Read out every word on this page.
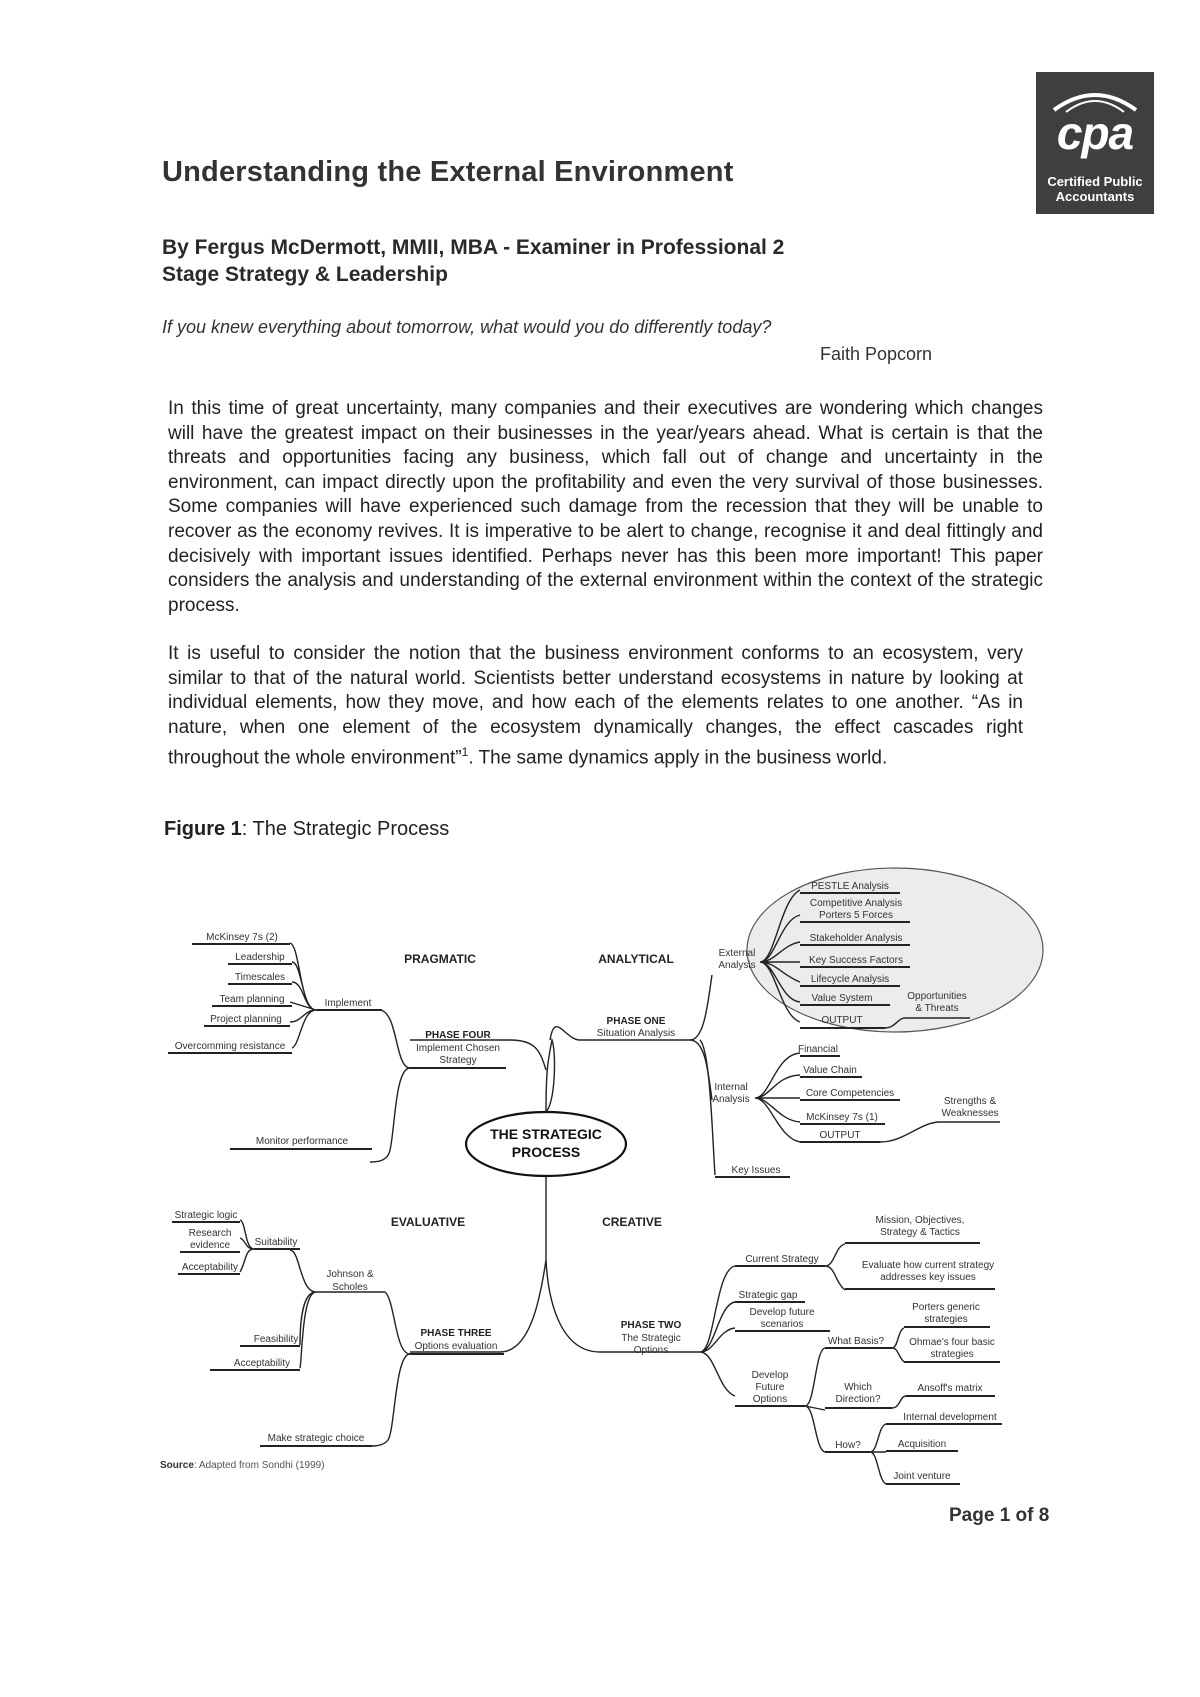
Understanding the External Environment
cpa
Certified Public
Accountants
By Fergus McDermott, MMII, MBA - Examiner in Professional 2
Stage Strategy & Leadership
If you knew everything about tomorrow, what would you do differently today?
Faith Popcorn
In this time of great uncertainty, many companies and their executives are wondering which changes will have the greatest impact on their businesses in the year/years ahead. What is certain is that the threats and opportunities facing any business, which fall out of change and uncertainty in the environment, can impact directly upon the profitability and even the very survival of those businesses. Some companies will have experienced such damage from the recession that they will be unable to recover as the economy revives. It is imperative to be alert to change, recognise it and deal fittingly and decisively with important issues identified. Perhaps never has this been more important! This paper considers the analysis and understanding of the external environment within the context of the strategic process.
It is useful to consider the notion that the business environment conforms to an ecosystem, very similar to that of the natural world. Scientists better understand ecosystems in nature by looking at individual elements, how they move, and how each of the elements relates to one another. “As in nature, when one element of the ecosystem dynamically changes, the effect cascades right throughout the whole environment”$^1$. The same dynamics apply in the business world.
Figure 1: The Strategic Process
THE STRATEGIC
PROCESS
PRAGMATIC	ANALYTICAL
EVALUATIVE	CREATIVE
PHASE ONE
Situation Analysis
External
Analysis
PESTLE Analysis
Competitive Analysis
Porters 5 Forces
Stakeholder Analysis
Key Success Factors
Lifecycle Analysis
Value System
OUTPUT
Opportunities
& Threats
Internal
Analysis
Financial
Value Chain
Core Competencies
McKinsey 7s (1)
OUTPUT
Strengths &
Weaknesses
Key Issues
PHASE FOUR
Implement Chosen
Strategy
Implement
McKinsey 7s (2)
Leadership
Timescales
Team planning
Project planning
Overcomming resistance
Monitor performance
PHASE THREE
Options evaluation
Johnson &
Scholes
Suitability
Strategic logic
Research
evidence
Acceptability
Feasibility
Acceptability
Make strategic choice
PHASE TWO
The Strategic
Options
Current Strategy
Mission, Objectives,
Strategy & Tactics
Evaluate how current strategy
addresses key issues
Strategic gap
Develop future
scenarios
Develop
Future
Options
What Basis?
Porters generic
strategies
Ohmae's four basic
strategies
Which
Direction?
Ansoff's matrix
How?
Internal development
Acquisition
Joint venture
Source: Adapted from Sondhi (1999)
Page 1 of 8
